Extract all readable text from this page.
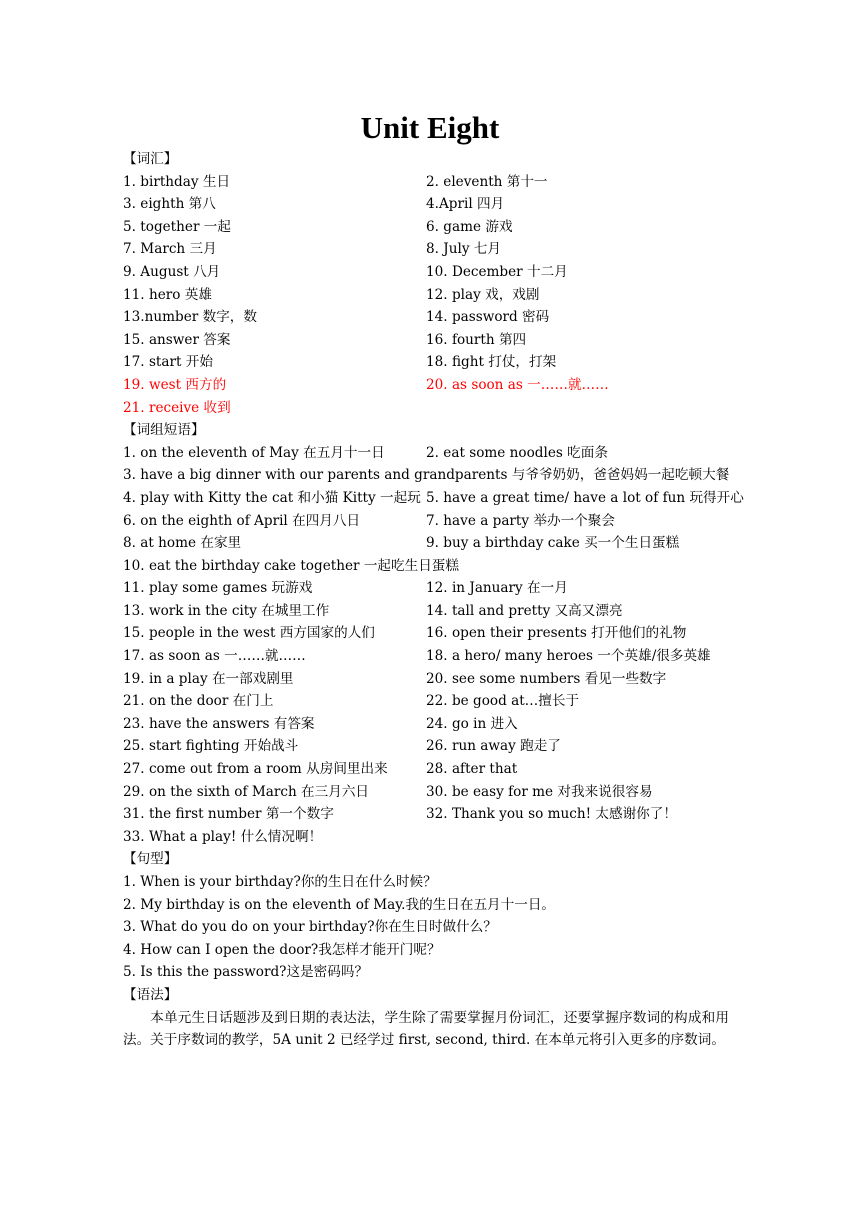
Unit Eight
【词汇】
1. birthday 生日	2. eleventh 第十一
3. eighth 第八	4.April 四月
5. together 一起	6. game 游戏
7. March 三月	8. July 七月
9. August 八月	10. December 十二月
11. hero 英雄	12. play 戏，戏剧
13.number 数字，数	14. password 密码
15. answer 答案	16. fourth 第四
17. start 开始	18. fight 打仗，打架
19. west 西方的	20. as soon as 一……就……
21. receive 收到
【词组短语】
1. on the eleventh of May 在五月十一日	2. eat some noodles 吃面条
3. have a big dinner with our parents and grandparents 与爷爷奶奶，爸爸妈妈一起吃顿大餐
4. play with Kitty the cat 和小猫 Kitty 一起玩 5. have a great time/ have a lot of fun 玩得开心
6. on the eighth of April 在四月八日	7. have a party 举办一个聚会
8. at home 在家里	9. buy a birthday cake 买一个生日蛋糕
10. eat the birthday cake together 一起吃生日蛋糕
11. play some games 玩游戏	12. in January 在一月
13. work in the city 在城里工作	14. tall and pretty 又高又漂亮
15. people in the west 西方国家的人们	16. open their presents 打开他们的礼物
17. as soon as 一……就……	18. a hero/ many heroes 一个英雄/很多英雄
19. in a play 在一部戏剧里	20. see some numbers 看见一些数字
21. on the door 在门上	22. be good at…擅长于
23. have the answers 有答案	24. go in 进入
25. start fighting 开始战斗	26. run away 跑走了
27. come out from a room 从房间里出来	28. after that
29. on the sixth of March 在三月六日	30. be easy for me 对我来说很容易
31. the first number 第一个数字	32. Thank you so much! 太感谢你了！
33. What a play! 什么情况啊！
【句型】
1. When is your birthday?你的生日在什么时候？
2. My birthday is on the eleventh of May.我的生日在五月十一日。
3. What do you do on your birthday?你在生日时做什么？
4. How can I open the door?我怎样才能开门呢？
5. Is this the password?这是密码吗？
【语法】

本单元生日话题涉及到日期的表达法，学生除了需要掌握月份词汇，还要掌握序数词的构成和用法。关于序数词的教学，5A unit 2 已经学过 first, second, third. 在本单元将引入更多的序数词。
